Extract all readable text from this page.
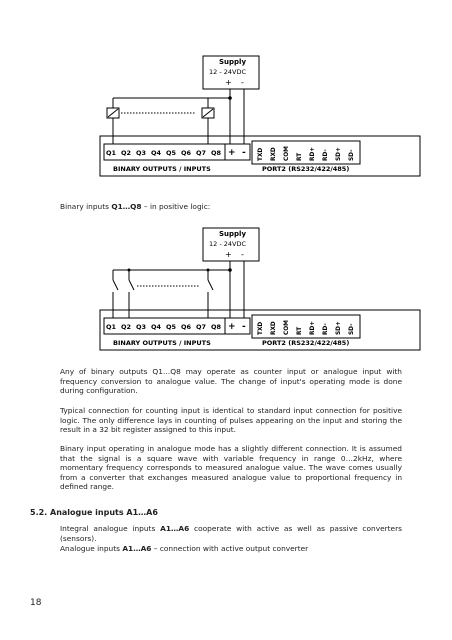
Supply
12 - 24VDC
+ -
Q1 Q2 Q3 Q4 Q5 Q6 Q7 Q8 + - TXD RXD COM RT RD+ RD- SD+ SD-
BINARY OUTPUTS / INPUTS	PORT2 (RS232/422/485)

Binary inputs Q1…Q8 – in positive logic:

Supply
12 - 24VDC
+ -
Q1 Q2 Q3 Q4 Q5 Q6 Q7 Q8 + - TXD RXD COM RT RD+ RD- SD+ SD-
BINARY OUTPUTS / INPUTS	PORT2 (RS232/422/485)

Any of binary outputs Q1…Q8 may operate as counter input or analogue input with frequency conversion to analogue value. The change of input's operating mode is done during configuration.

Typical connection for counting input is identical to standard input connection for positive logic. The only difference lays in counting of pulses appearing on the input and storing the result in a 32 bit register assigned to this input.

Binary input operating in analogue mode has a slightly different connection. It is assumed that the signal is a square wave with variable frequency in range 0…2kHz, where momentary frequency corresponds to measured analogue value. The wave comes usually from a converter that exchanges measured analogue value to proportional frequency in defined range.

5.2. Analogue inputs A1…A6

Integral analogue inputs A1…A6 cooperate with active as well as passive converters (sensors).

Analogue inputs A1…A6 – connection with active output converter

18
